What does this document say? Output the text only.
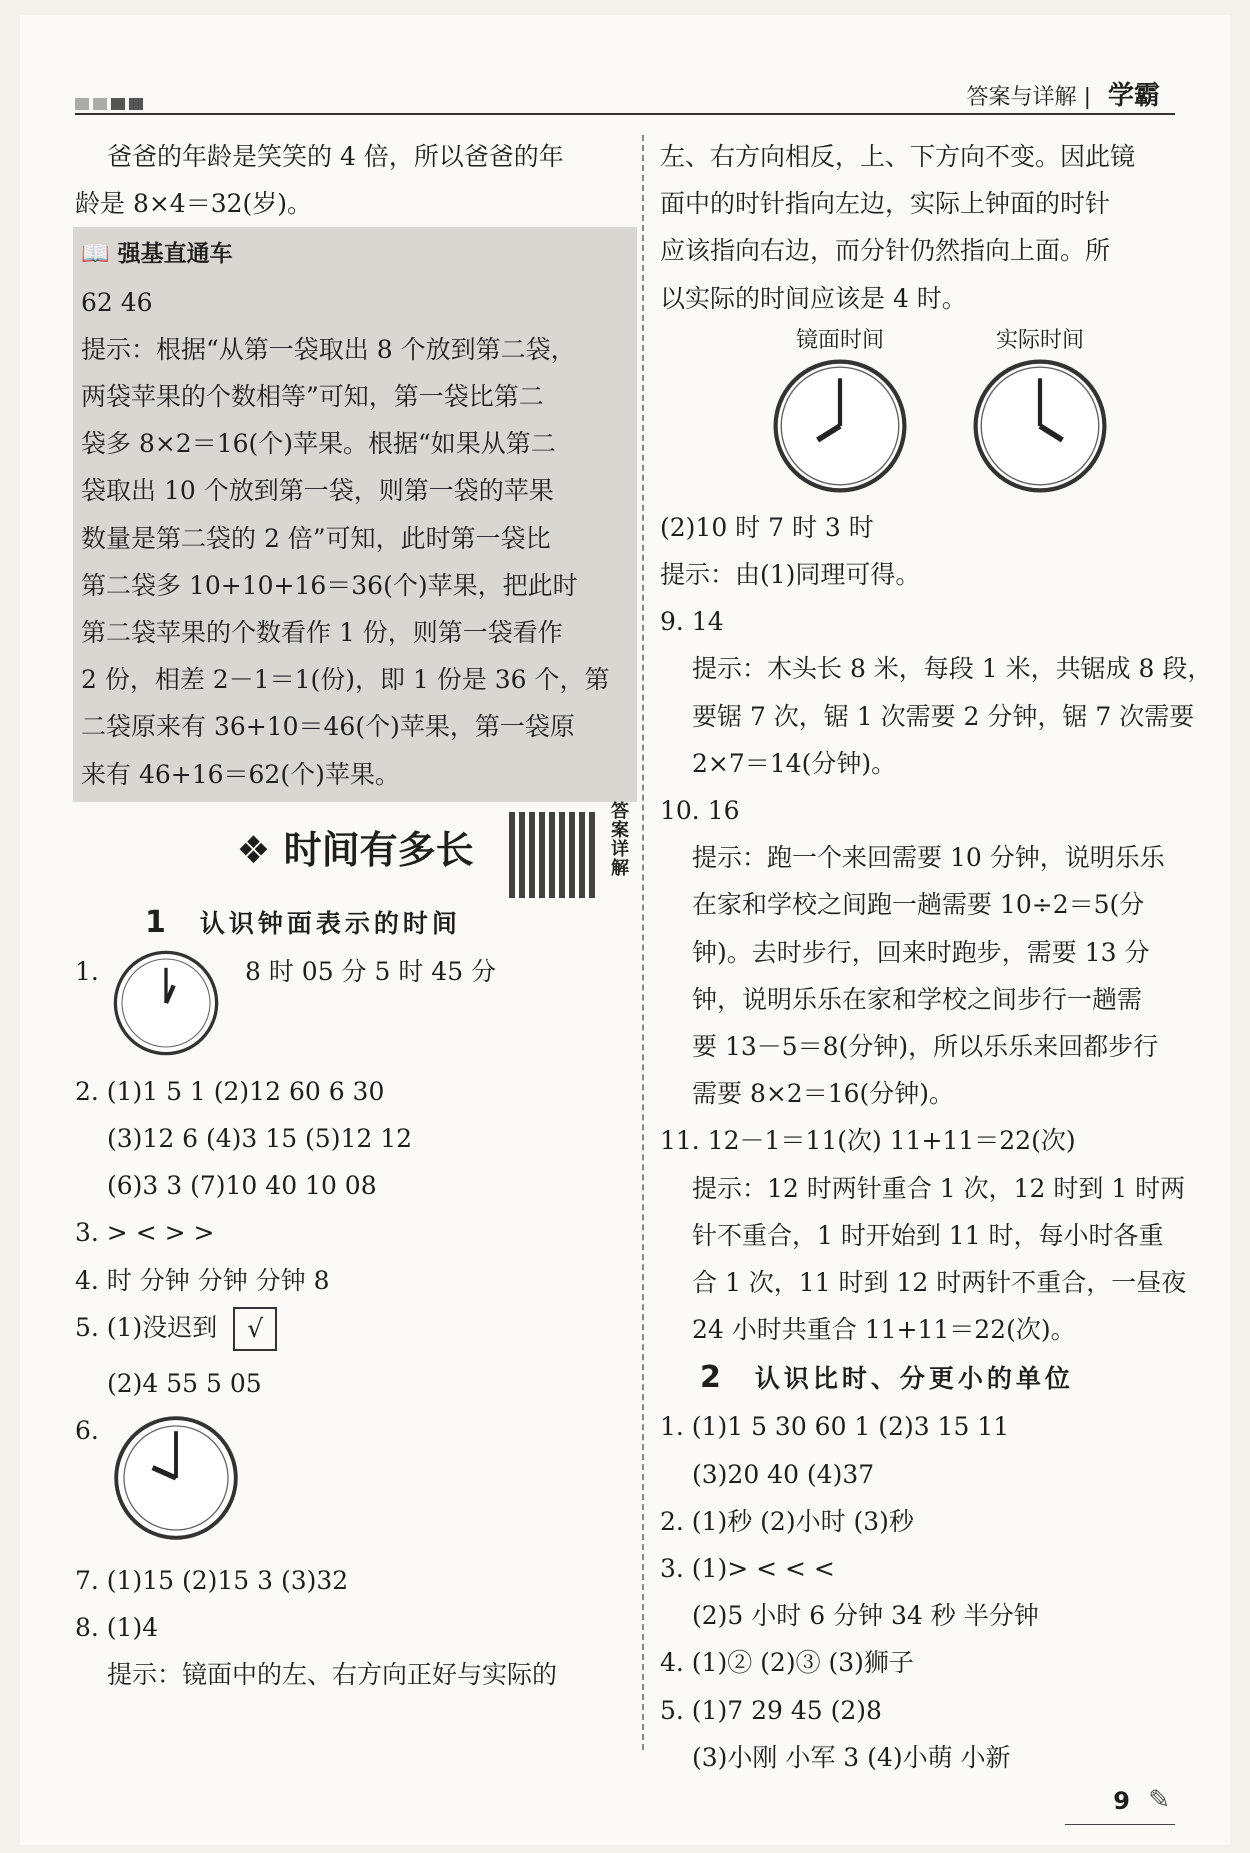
答案与详解 | 学霸
爸爸的年龄是笑笑的 4 倍，所以爸爸的年
龄是 8×4＝32(岁)。
📖 强基直通车
62 46
提示：根据“从第一袋取出 8 个放到第二袋，
两袋苹果的个数相等”可知，第一袋比第二
袋多 8×2＝16(个)苹果。根据“如果从第二
袋取出 10 个放到第一袋，则第一袋的苹果
数量是第二袋的 2 倍”可知，此时第一袋比
第二袋多 10+10+16＝36(个)苹果，把此时
第二袋苹果的个数看作 1 份，则第一袋看作
2 份，相差 2－1＝1(份)，即 1 份是 36 个，第
二袋原来有 36+10＝46(个)苹果，第一袋原
来有 46+16＝62(个)苹果。
❖ 时间有多长
答案详解
1 认识钟面表示的时间
1.	8 时 05 分 5 时 45 分
2. (1)1 5 1 (2)12 60 6 30
(3)12 6 (4)3 15 (5)12 12
(6)3 3 (7)10 40 10 08
3. > < > >
4. 时 分钟 分钟 分钟 8
5. (1)没迟到 √
(2)4 55 5 05
6.
7. (1)15 (2)15 3 (3)32
8. (1)4
提示：镜面中的左、右方向正好与实际的
左、右方向相反，上、下方向不变。因此镜
面中的时针指向左边，实际上钟面的时针
应该指向右边，而分针仍然指向上面。所
以实际的时间应该是 4 时。
镜面时间	实际时间
(2)10 时 7 时 3 时
提示：由(1)同理可得。
9. 14
提示：木头长 8 米，每段 1 米，共锯成 8 段，
要锯 7 次，锯 1 次需要 2 分钟，锯 7 次需要
2×7＝14(分钟)。
10. 16
提示：跑一个来回需要 10 分钟，说明乐乐
在家和学校之间跑一趟需要 10÷2＝5(分
钟)。去时步行，回来时跑步，需要 13 分
钟，说明乐乐在家和学校之间步行一趟需
要 13－5＝8(分钟)，所以乐乐来回都步行
需要 8×2＝16(分钟)。
11. 12－1＝11(次) 11+11＝22(次)
提示：12 时两针重合 1 次，12 时到 1 时两
针不重合，1 时开始到 11 时，每小时各重
合 1 次，11 时到 12 时两针不重合，一昼夜
24 小时共重合 11+11＝22(次)。
2 认识比时、分更小的单位
1. (1)1 5 30 60 1 (2)3 15 11
(3)20 40 (4)37
2. (1)秒 (2)小时 (3)秒
3. (1)> < < <
(2)5 小时 6 分钟 34 秒 半分钟
4. (1)② (2)③ (3)狮子
5. (1)7 29 45 (2)8
(3)小刚 小军 3 (4)小萌 小新
9 ✎
